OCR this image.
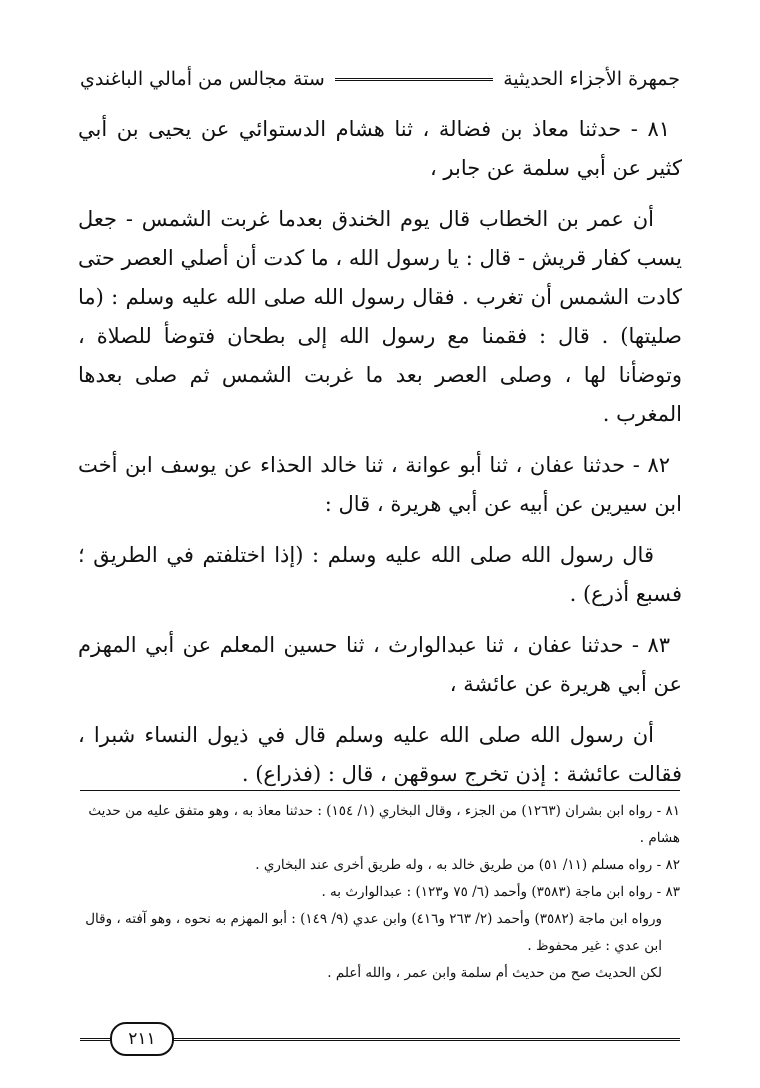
جمهرة الأجزاء الحديثية
ستة مجالس من أمالي الباغندي

٨١ - حدثنا معاذ بن فضالة ، ثنا هشام الدستوائي عن يحيى بن أبي كثير عن أبي سلمة عن جابر ،

أن عمر بن الخطاب قال يوم الخندق بعدما غربت الشمس - جعل يسب كفار قريش - قال : يا رسول الله ، ما كدت أن أصلي العصر حتى كادت الشمس أن تغرب . فقال رسول الله صلى الله عليه وسلم : (ما صليتها) . قال : فقمنا مع رسول الله إلى بطحان فتوضأ للصلاة ، وتوضأنا لها ، وصلى العصر بعد ما غربت الشمس ثم صلى بعدها المغرب .

٨٢ - حدثنا عفان ، ثنا أبو عوانة ، ثنا خالد الحذاء عن يوسف ابن أخت ابن سيرين عن أبيه عن أبي هريرة ، قال :

قال رسول الله صلى الله عليه وسلم : (إذا اختلفتم في الطريق ؛ فسبع أذرع) .

٨٣ - حدثنا عفان ، ثنا عبدالوارث ، ثنا حسين المعلم عن أبي المهزم عن أبي هريرة عن عائشة ،

أن رسول الله صلى الله عليه وسلم قال في ذيول النساء شبرا ، فقالت عائشة : إذن تخرج سوقهن ، قال : (فذراع) .

٨١ - رواه ابن بشران (١٢٦٣) من الجزء ، وقال البخاري (١/ ١٥٤) : حدثنا معاذ به ، وهو متفق عليه من حديث هشام .

٨٢ - رواه مسلم (١١/ ٥١) من طريق خالد به ، وله طريق أخرى عند البخاري .

٨٣ - رواه ابن ماجة (٣٥٨٣) وأحمد (٦/ ٧٥ و١٢٣) : عبدالوارث به .

ورواه ابن ماجة (٣٥٨٢) وأحمد (٢/ ٢٦٣ و٤١٦) وابن عدي (٩/ ١٤٩) : أبو المهزم به نحوه ، وهو آفته ، وقال ابن عدي : غير محفوظ .

لكن الحديث صح من حديث أم سلمة وابن عمر ، والله أعلم .

٢١١
